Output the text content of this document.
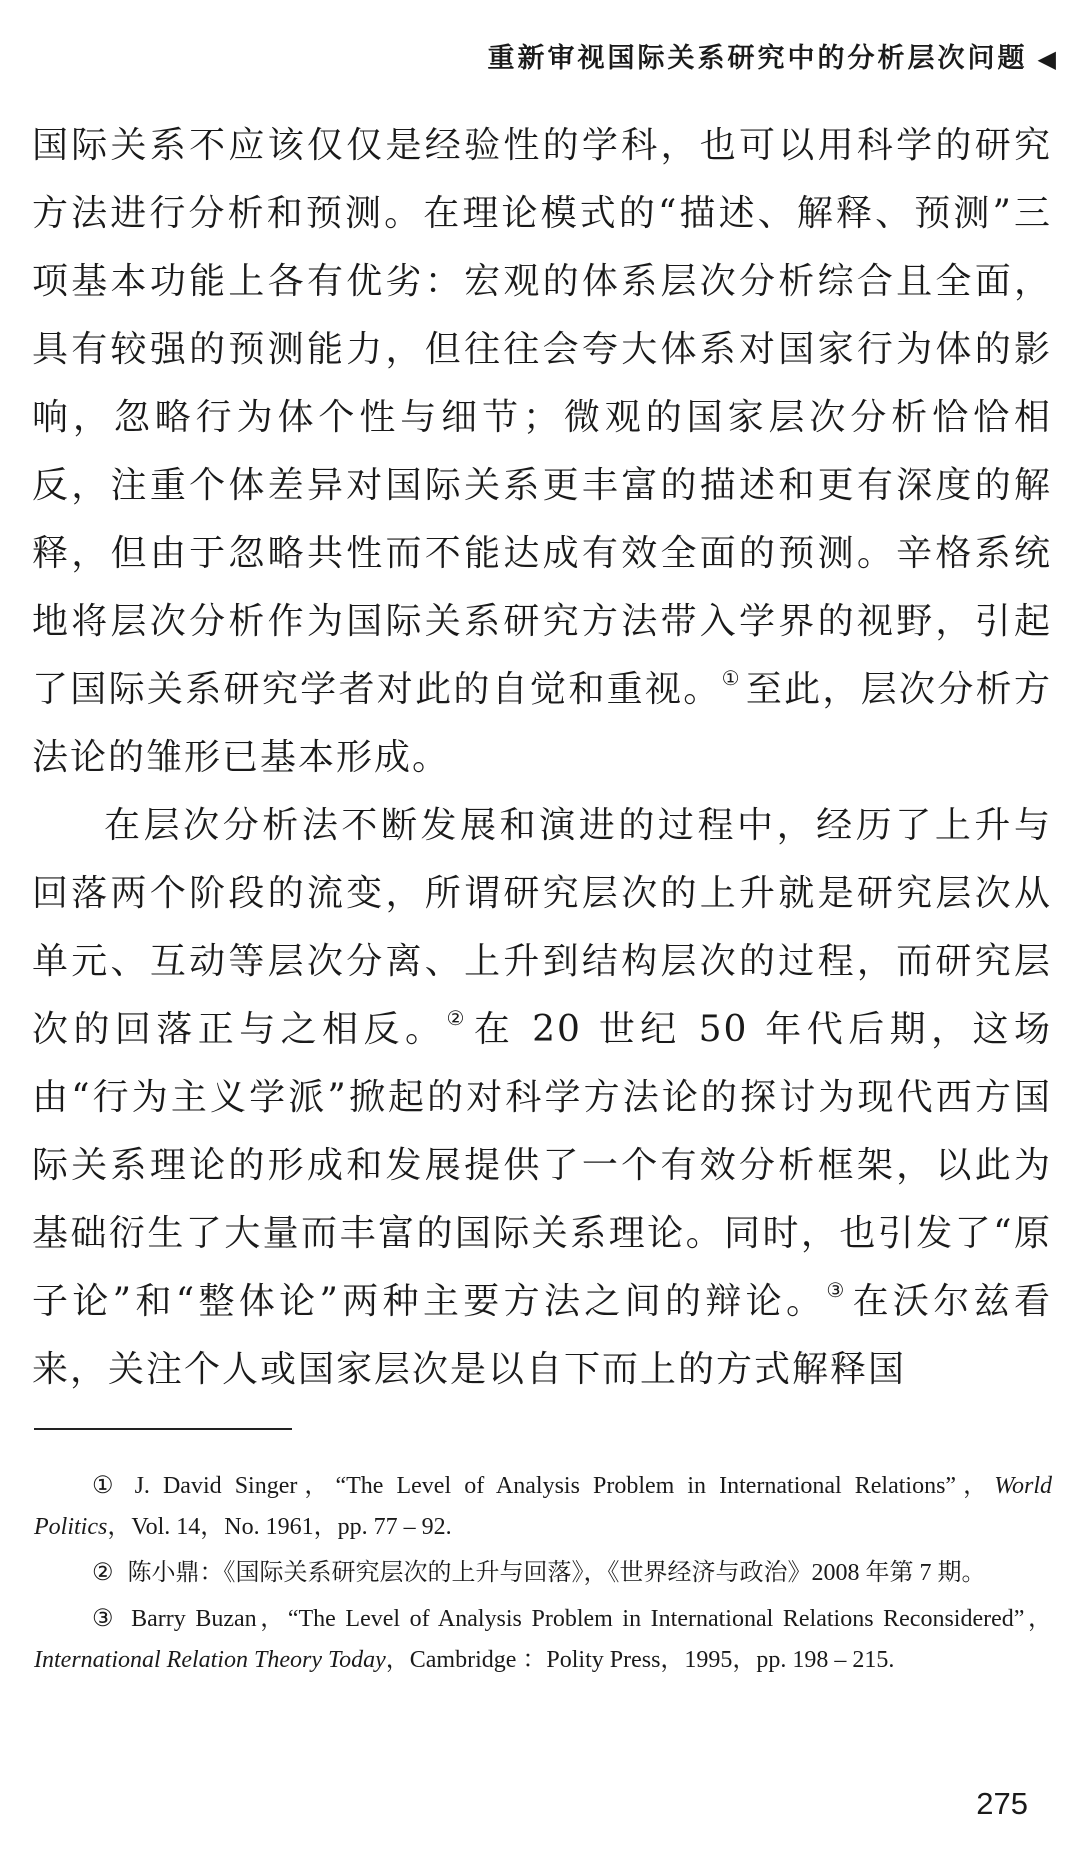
重新审视国际关系研究中的分析层次问题 ◀

国际关系不应该仅仅是经验性的学科，也可以用科学的研究方法进行分析和预测。在理论模式的“描述、解释、预测”三项基本功能上各有优劣：宏观的体系层次分析综合且全面，具有较强的预测能力，但往往会夸大体系对国家行为体的影响，忽略行为体个性与细节；微观的国家层次分析恰恰相反，注重个体差异对国际关系更丰富的描述和更有深度的解释，但由于忽略共性而不能达成有效全面的预测。辛格系统地将层次分析作为国际关系研究方法带入学界的视野，引起了国际关系研究学者对此的自觉和重视。① 至此，层次分析方法论的雏形已基本形成。

在层次分析法不断发展和演进的过程中，经历了上升与回落两个阶段的流变，所谓研究层次的上升就是研究层次从单元、互动等层次分离、上升到结构层次的过程，而研究层次的回落正与之相反。② 在 20 世纪 50 年代后期，这场由“行为主义学派”掀起的对科学方法论的探讨为现代西方国际关系理论的形成和发展提供了一个有效分析框架，以此为基础衍生了大量而丰富的国际关系理论。同时，也引发了“原子论”和“整体论”两种主要方法之间的辩论。③ 在沃尔兹看来，关注个人或国家层次是以自下而上的方式解释国

① J. David Singer，“The Level of Analysis Problem in International Relations”，World Politics，Vol. 14，No. 1961，pp. 77 – 92.

② 陈小鼎：《国际关系研究层次的上升与回落》，《世界经济与政治》2008 年第 7 期。

③ Barry Buzan，“The Level of Analysis Problem in International Relations Reconsidered”，International Relation Theory Today，Cambridge ：Polity Press，1995，pp. 198 – 215.

275
